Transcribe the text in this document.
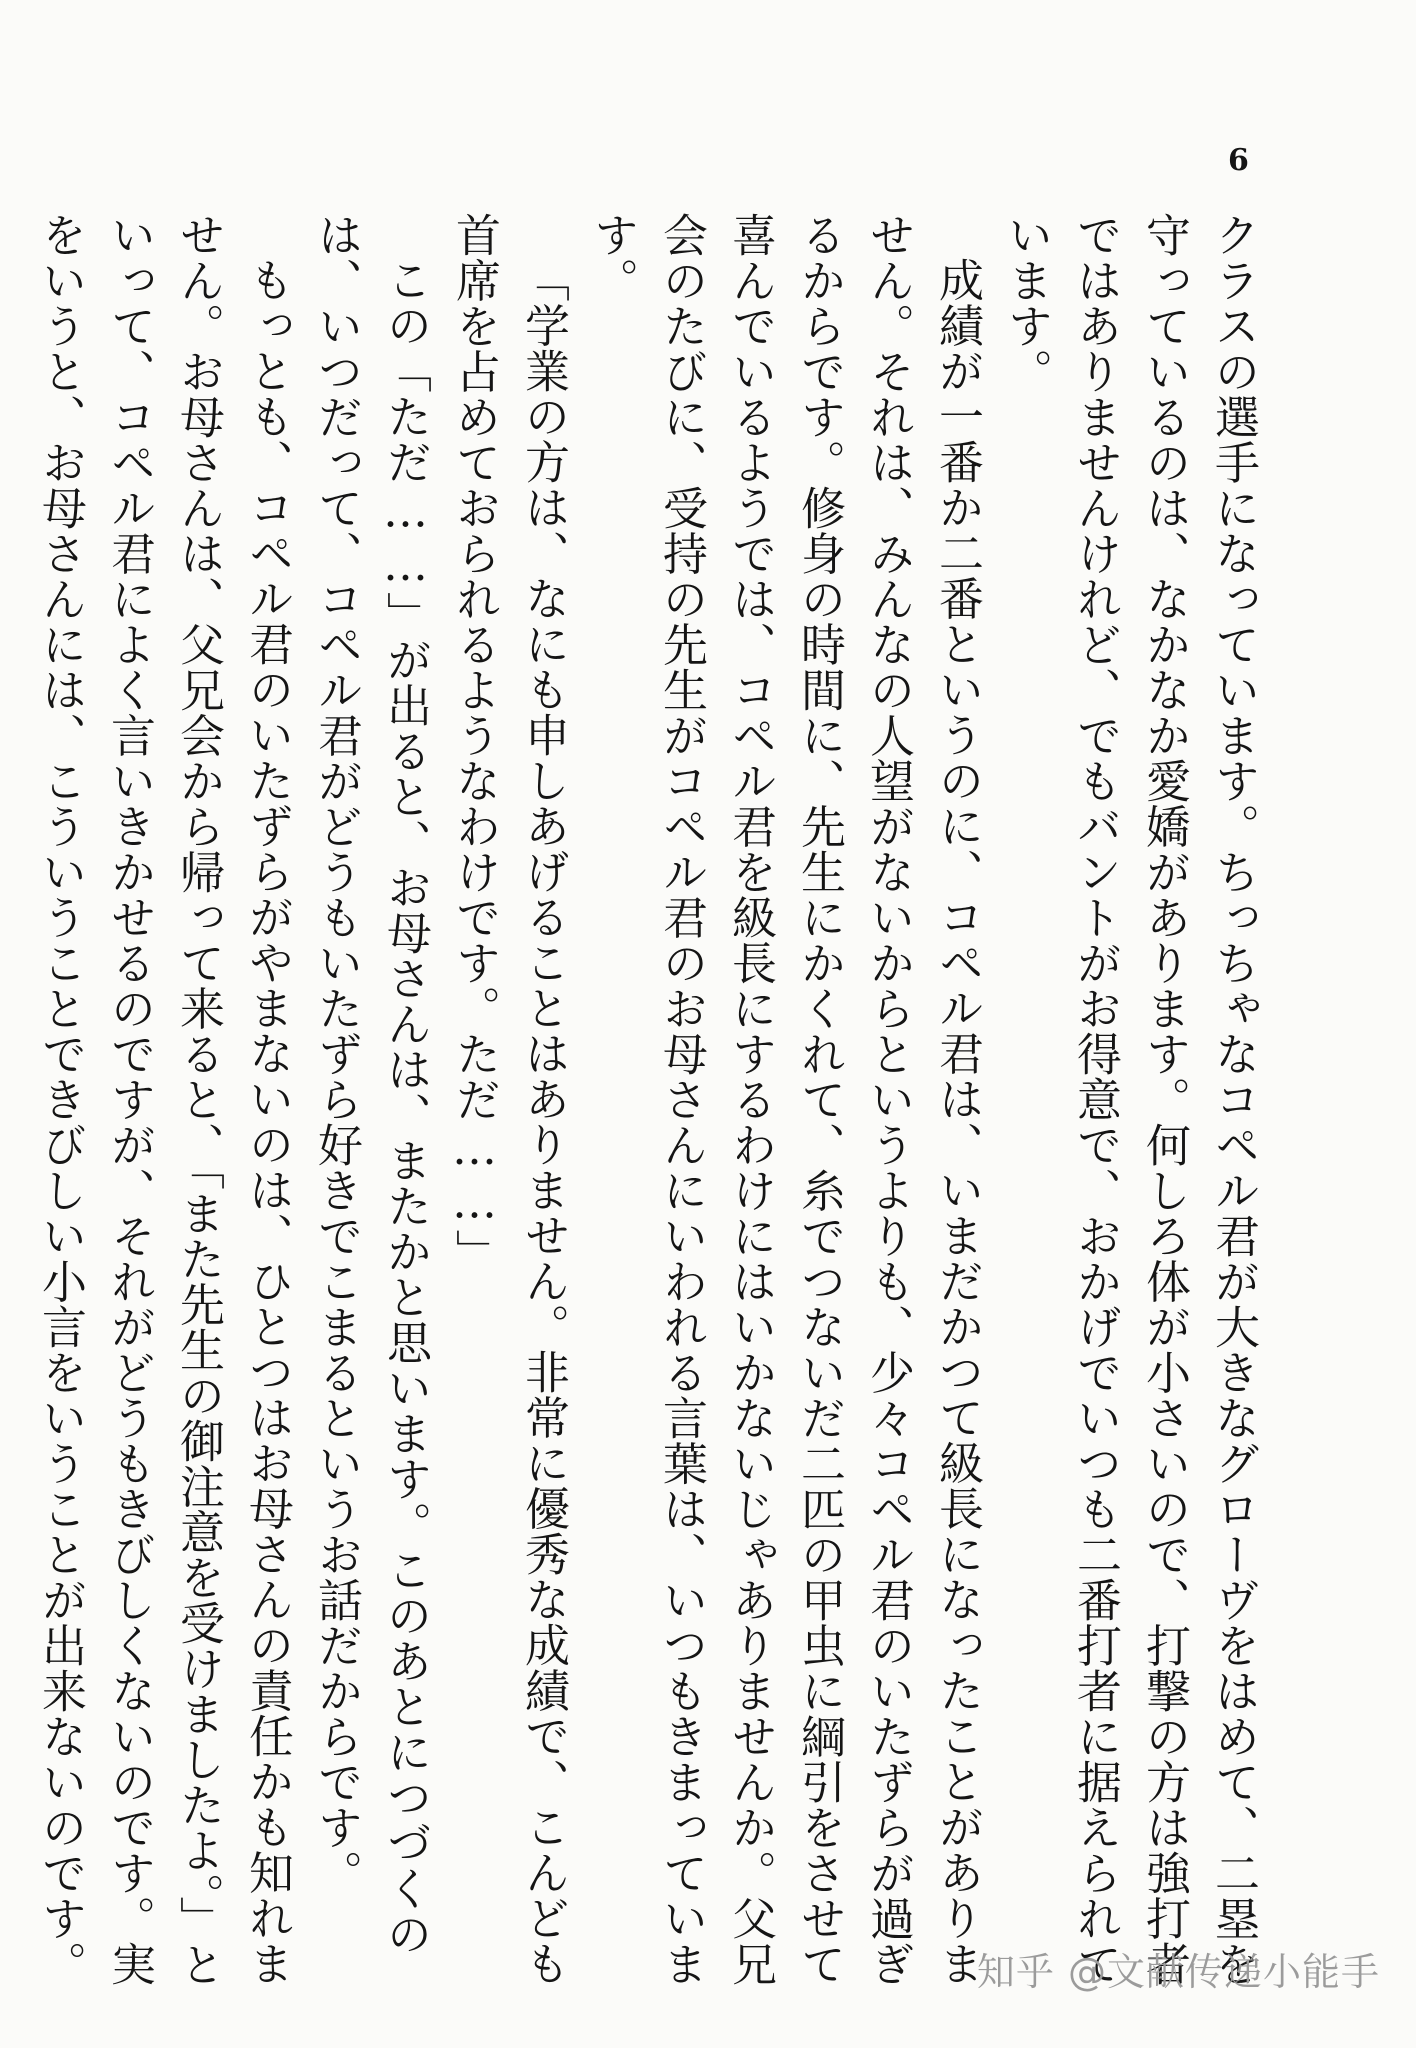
6

クラスの選手になっています。ちっちゃなコペル君が大きなグローヴをはめて、二塁を守っているのは、なかなか愛嬌があります。何しろ体が小さいので、打撃の方は強打者ではありませんけれど、でもバントがお得意で、おかげでいつも二番打者に据えられています。

成績が一番か二番というのに、コペル君は、いまだかつて級長になったことがありません。それは、みんなの人望がないからというよりも、少々コペル君のいたずらが過ぎるからです。修身の時間に、先生にかくれて、糸でつないだ二匹の甲虫に綱引をさせて喜んでいるようでは、コペル君を級長にするわけにはいかないじゃありませんか。父兄会のたびに、受持の先生がコペル君のお母さんにいわれる言葉は、いつもきまっています。

「学業の方は、なにも申しあげることはありません。非常に優秀な成績で、こんども首席を占めておられるようなわけです。ただ……」

この「ただ……」が出ると、お母さんは、またかと思います。このあとにつづくのは、いつだって、コペル君がどうもいたずら好きでこまるというお話だからです。

もっとも、コペル君のいたずらがやまないのは、ひとつはお母さんの責任かも知れません。お母さんは、父兄会から帰って来ると、「また先生の御注意を受けましたよ。」といって、コペル君によく言いきかせるのですが、それがどうもきびしくないのです。実をいうと、お母さんには、こういうことできびしい小言をいうことが出来ないのです。	知乎 @文献传递小能手
